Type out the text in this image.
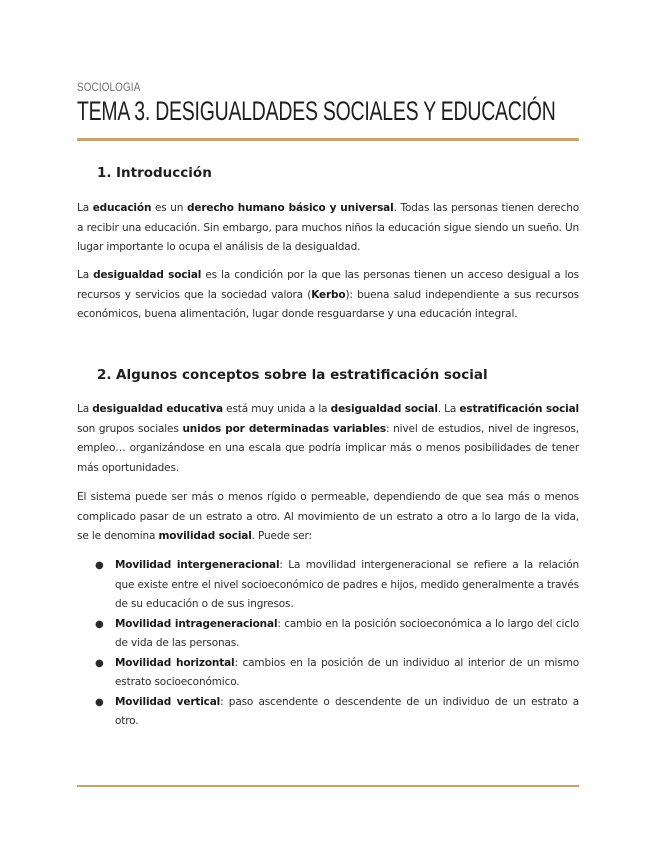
SOCIOLOGIA
TEMA 3. DESIGUALDADES SOCIALES Y EDUCACIÓN
1. Introducción

La educación es un derecho humano básico y universal. Todas las personas tienen derecho a recibir una educación. Sin embargo, para muchos niños la educación sigue siendo un sueño. Un lugar importante lo ocupa el análisis de la desigualdad.

La desigualdad social es la condición por la que las personas tienen un acceso desigual a los recursos y servicios que la sociedad valora (Kerbo): buena salud independiente a sus recursos económicos, buena alimentación, lugar donde resguardarse y una educación integral.

2. Algunos conceptos sobre la estratificación social

La desigualdad educativa está muy unida a la desigualdad social. La estratificación social son grupos sociales unidos por determinadas variables: nivel de estudios, nivel de ingresos, empleo… organizándose en una escala que podría implicar más o menos posibilidades de tener más oportunidades.

El sistema puede ser más o menos rígido o permeable, dependiendo de que sea más o menos complicado pasar de un estrato a otro. Al movimiento de un estrato a otro a lo largo de la vida, se le denomina movilidad social. Puede ser:

● Movilidad intergeneracional: La movilidad intergeneracional se refiere a la relación que existe entre el nivel socioeconómico de padres e hijos, medido generalmente a través de su educación o de sus ingresos.
● Movilidad intrageneracional: cambio en la posición socioeconómica a lo largo del ciclo de vida de las personas.
● Movilidad horizontal: cambios en la posición de un individuo al interior de un mismo estrato socioeconómico.
● Movilidad vertical: paso ascendente o descendente de un individuo de un estrato a otro.
